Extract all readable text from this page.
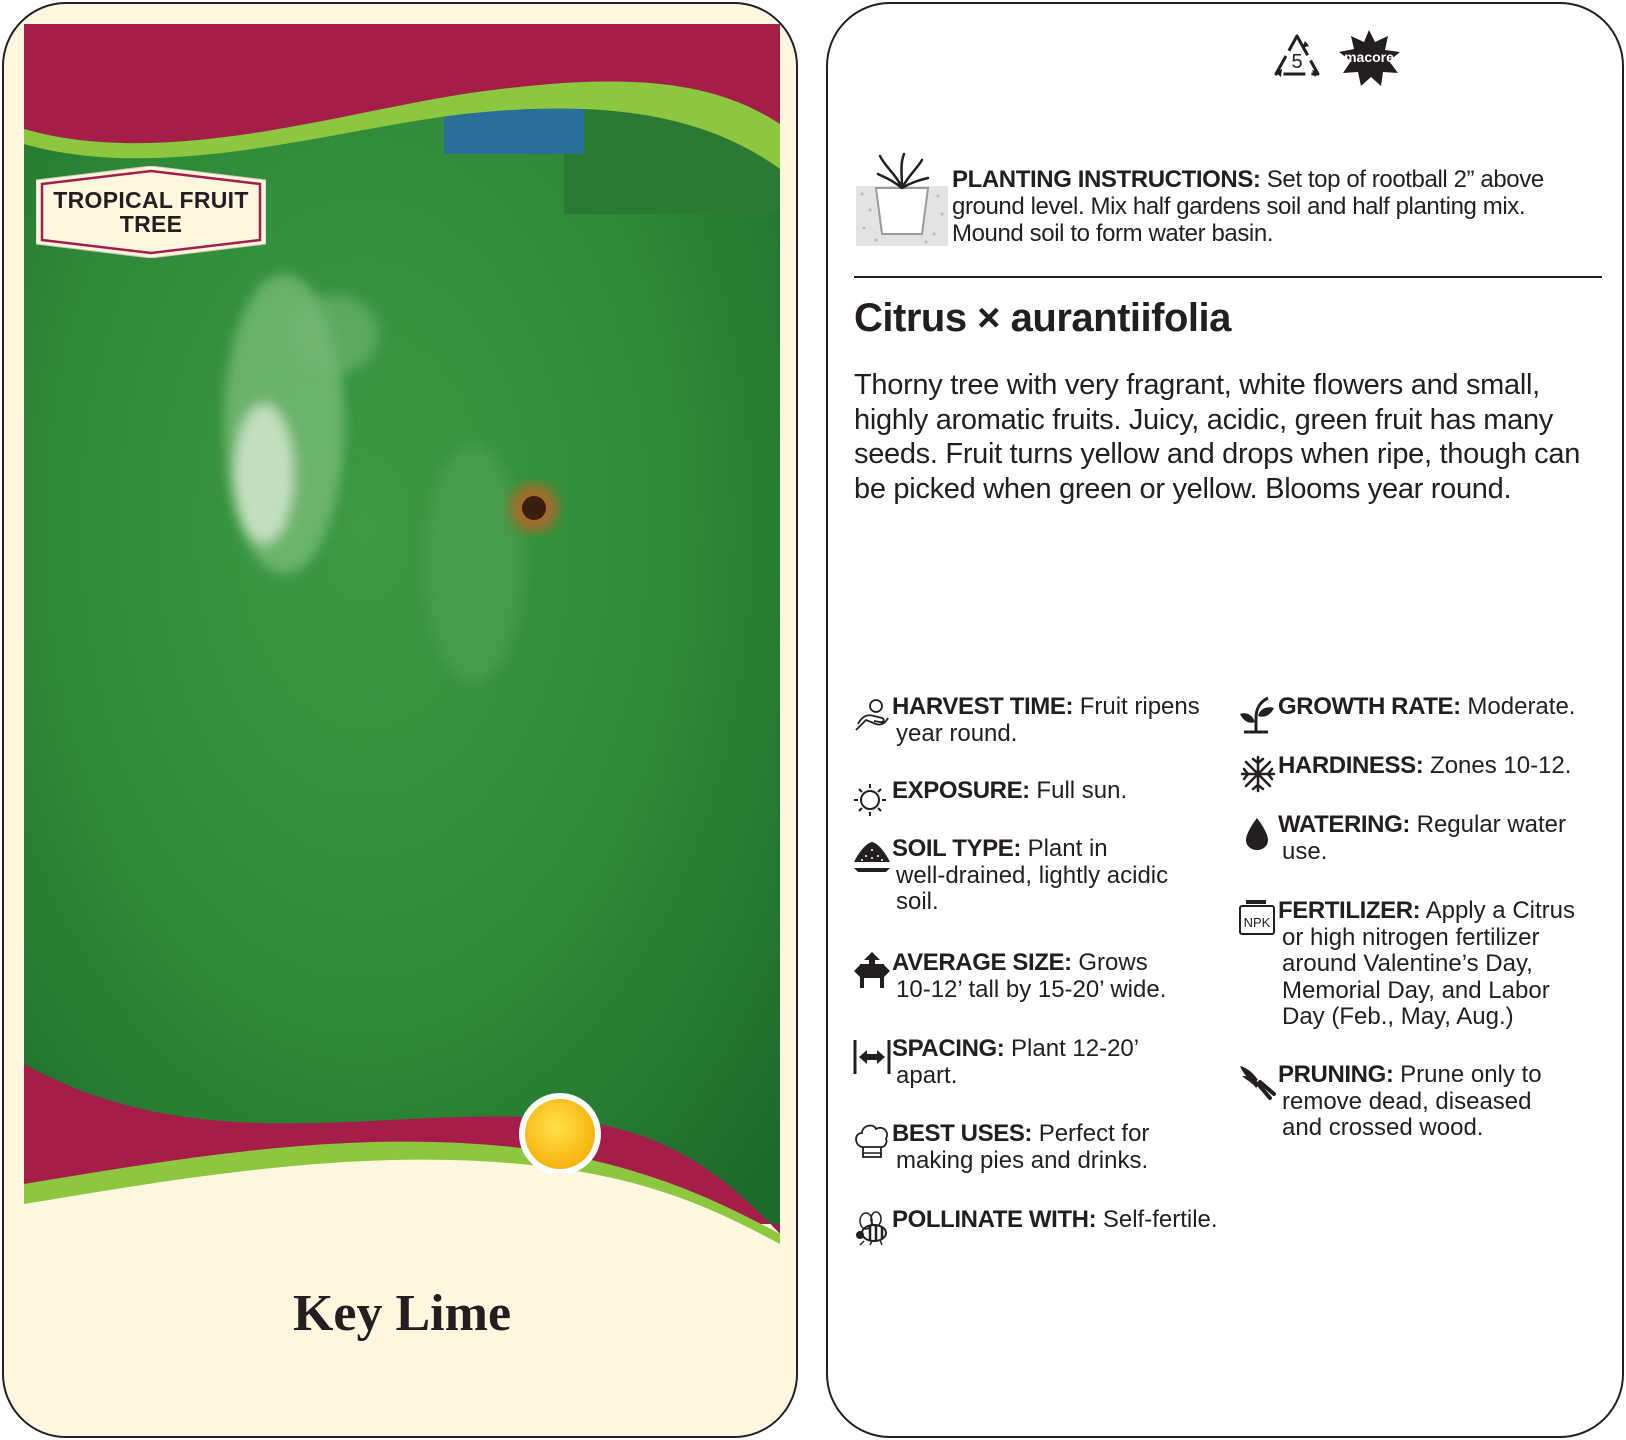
TROPICAL FRUIT
TREE
Key Lime
5	macore
PLANTING INSTRUCTIONS: Set top of rootball 2” above ground level. Mix half gardens soil and half planting mix. Mound soil to form water basin.
Citrus × aurantiifolia
Thorny tree with very fragrant, white flowers and small, highly aromatic fruits. Juicy, acidic, green fruit has many seeds. Fruit turns yellow and drops when ripe, though can be picked when green or yellow. Blooms year round.
HARVEST TIME: Fruit ripens
year round.
EXPOSURE: Full sun.
SOIL TYPE: Plant in
well-drained, lightly acidic
soil.
AVERAGE SIZE: Grows
10-12’ tall by 15-20’ wide.
SPACING: Plant 12-20’
apart.
BEST USES: Perfect for
making pies and drinks.
POLLINATE WITH: Self-fertile.
GROWTH RATE: Moderate.
HARDINESS: Zones 10-12.
WATERING: Regular water
use.
NPK FERTILIZER: Apply a Citrus
or high nitrogen fertilizer
around Valentine’s Day,
Memorial Day, and Labor
Day (Feb., May, Aug.)
PRUNING: Prune only to
remove dead, diseased
and crossed wood.
